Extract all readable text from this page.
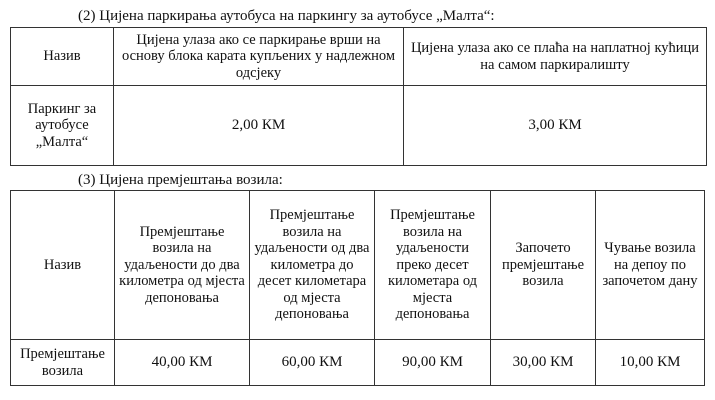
(2) Цијена паркирања аутобуса на паркингу за аутобусе „Малта“:
Назив	Цијена улаза ако се паркирање врши на основу блока карата купљених у надлежном одсјеку	Цијена улаза ако се плаћа на наплатној кућици на самом паркиралишту
Паркинг за аутобусе „Малта“	2,00 КМ	3,00 КМ
(3) Цијена премјештања возила:
Назив	Премјештање возила на удаљености до два километра од мјеста депоновања	Премјештање возила на удаљености од два километра до десет километара од мјеста депоновања	Премјештање возила на удаљености преко десет километара од мјеста депоновања	Започето премјештање возила	Чување возила на депоу по започетом дану
Премјештање возила	40,00 КМ	60,00 КМ	90,00 КМ	30,00 КМ	10,00 КМ
